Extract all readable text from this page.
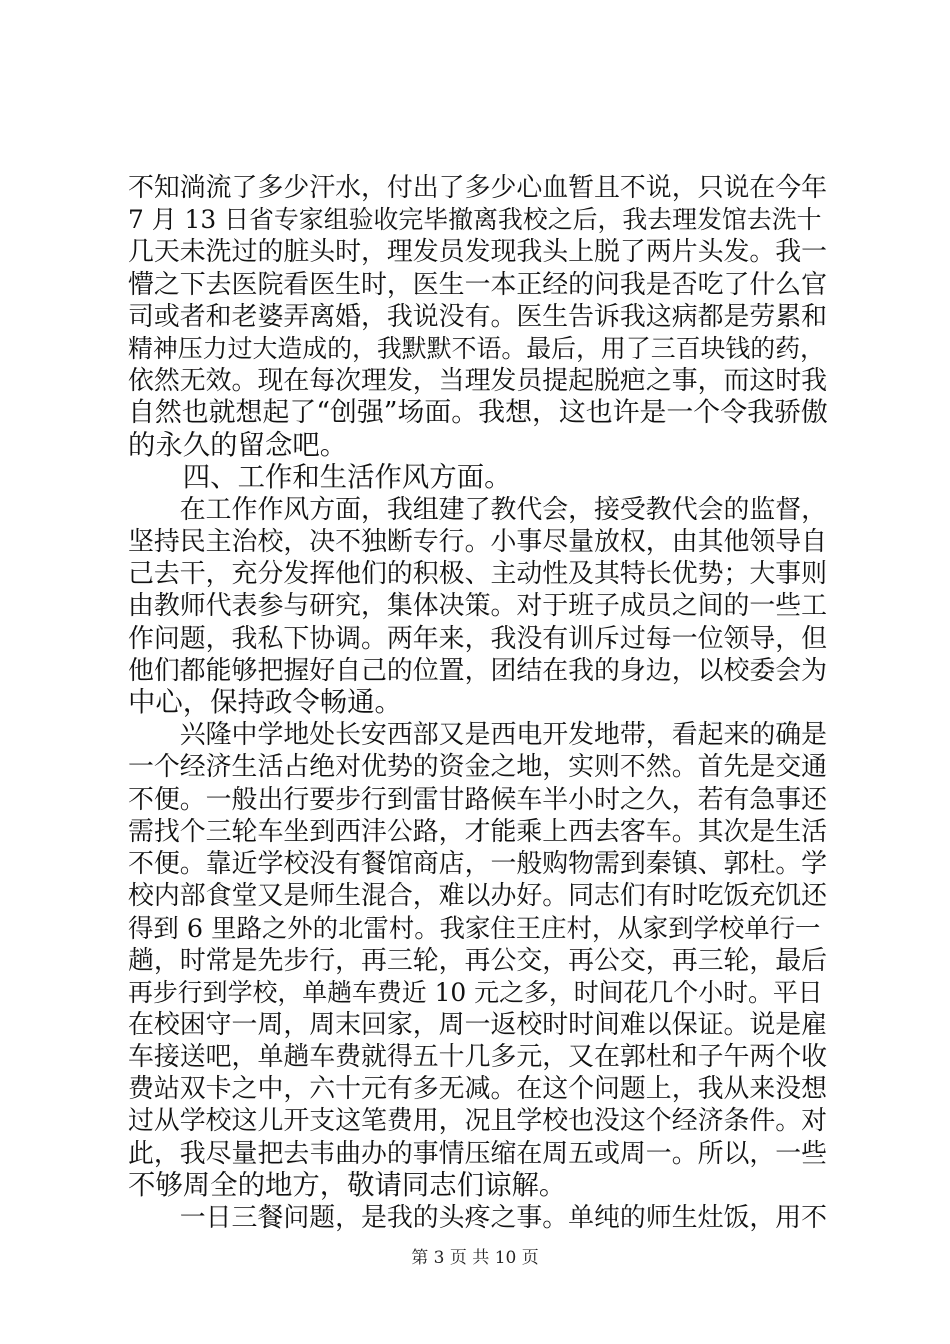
不知淌流了多少汗水，付出了多少心血暂且不说，只说在今年
7 月 13 日省专家组验收完毕撤离我校之后，我去理发馆去洗十
几天未洗过的脏头时，理发员发现我头上脱了两片头发。我一
懵之下去医院看医生时，医生一本正经的问我是否吃了什么官
司或者和老婆弄离婚，我说没有。医生告诉我这病都是劳累和
精神压力过大造成的，我默默不语。最后，用了三百块钱的药，
依然无效。现在每次理发，当理发员提起脱疤之事，而这时我
自然也就想起了“创强”场面。我想，这也许是一个令我骄傲
的永久的留念吧。
　　四、工作和生活作风方面。
　　在工作作风方面，我组建了教代会，接受教代会的监督，
坚持民主治校，决不独断专行。小事尽量放权，由其他领导自
己去干，充分发挥他们的积极、主动性及其特长优势；大事则
由教师代表参与研究，集体决策。对于班子成员之间的一些工
作问题，我私下协调。两年来，我没有训斥过每一位领导，但
他们都能够把握好自己的位置，团结在我的身边，以校委会为
中心，保持政令畅通。
　　兴隆中学地处长安西部又是西电开发地带，看起来的确是
一个经济生活占绝对优势的资金之地，实则不然。首先是交通
不便。一般出行要步行到雷甘路候车半小时之久，若有急事还
需找个三轮车坐到西沣公路，才能乘上西去客车。其次是生活
不便。靠近学校没有餐馆商店，一般购物需到秦镇、郭杜。学
校内部食堂又是师生混合，难以办好。同志们有时吃饭充饥还
得到 6 里路之外的北雷村。我家住王庄村，从家到学校单行一
趟，时常是先步行，再三轮，再公交，再公交，再三轮，最后
再步行到学校，单趟车费近 10 元之多，时间花几个小时。平日
在校困守一周，周末回家，周一返校时时间难以保证。说是雇
车接送吧，单趟车费就得五十几多元，又在郭杜和子午两个收
费站双卡之中，六十元有多无减。在这个问题上，我从来没想
过从学校这儿开支这笔费用，况且学校也没这个经济条件。对
此，我尽量把去韦曲办的事情压缩在周五或周一。所以，一些
不够周全的地方，敬请同志们谅解。
　　一日三餐问题，是我的头疼之事。单纯的师生灶饭，用不
第 3 页 共 10 页
